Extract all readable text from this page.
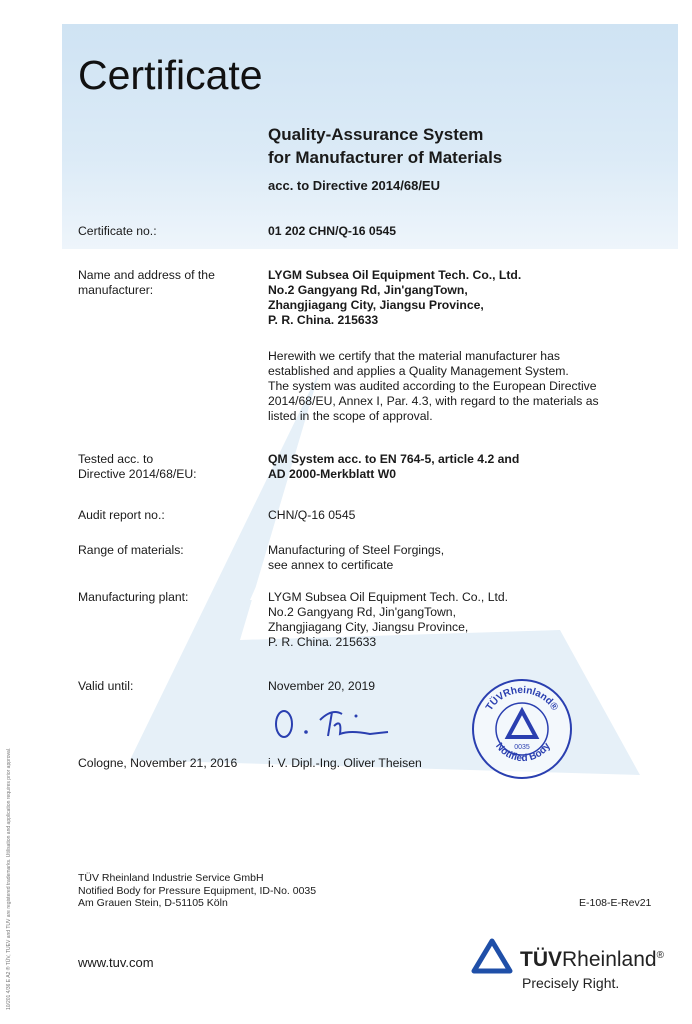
Certificate
Quality-Assurance System
for Manufacturer of Materials
acc. to Directive 2014/68/EU
Certificate no.:	01 202 CHN/Q-16 0545
Name and address of the
manufacturer:
LYGM Subsea Oil Equipment Tech. Co., Ltd.
No.2 Gangyang Rd, Jin'gangTown,
Zhangjiagang City, Jiangsu Province,
P. R. China. 215633
Herewith we certify that the material manufacturer has
established and applies a Quality Management System.
The system was audited according to the European Directive
2014/68/EU, Annex I, Par. 4.3, with regard to the materials as
listed in the scope of approval.
Tested acc. to
Directive 2014/68/EU:
QM System acc. to EN 764-5, article 4.2 and
AD 2000-Merkblatt W0
Audit report no.:	CHN/Q-16 0545
Range of materials:	Manufacturing of Steel Forgings,
see annex to certificate
Manufacturing plant:	LYGM Subsea Oil Equipment Tech. Co., Ltd.
No.2 Gangyang Rd, Jin'gangTown,
Zhangjiagang City, Jiangsu Province,
P. R. China. 215633
Valid until:	November 20, 2019
Cologne, November 21, 2016	i. V. Dipl.-Ing. Oliver Theisen
TÜVRheinland®
Notified Body
0035
TÜV Rheinland Industrie Service GmbH
Notified Body for Pressure Equipment, ID-No. 0035
Am Grauen Stein, D-51105 Köln	E-108-E-Rev21
www.tuv.com	TÜVRheinland®
Precisely Right.
10/201 4/36 E A2 ® TÜV, TUEV and TUV are registered trademarks. Utilisation and application requires prior approval.
